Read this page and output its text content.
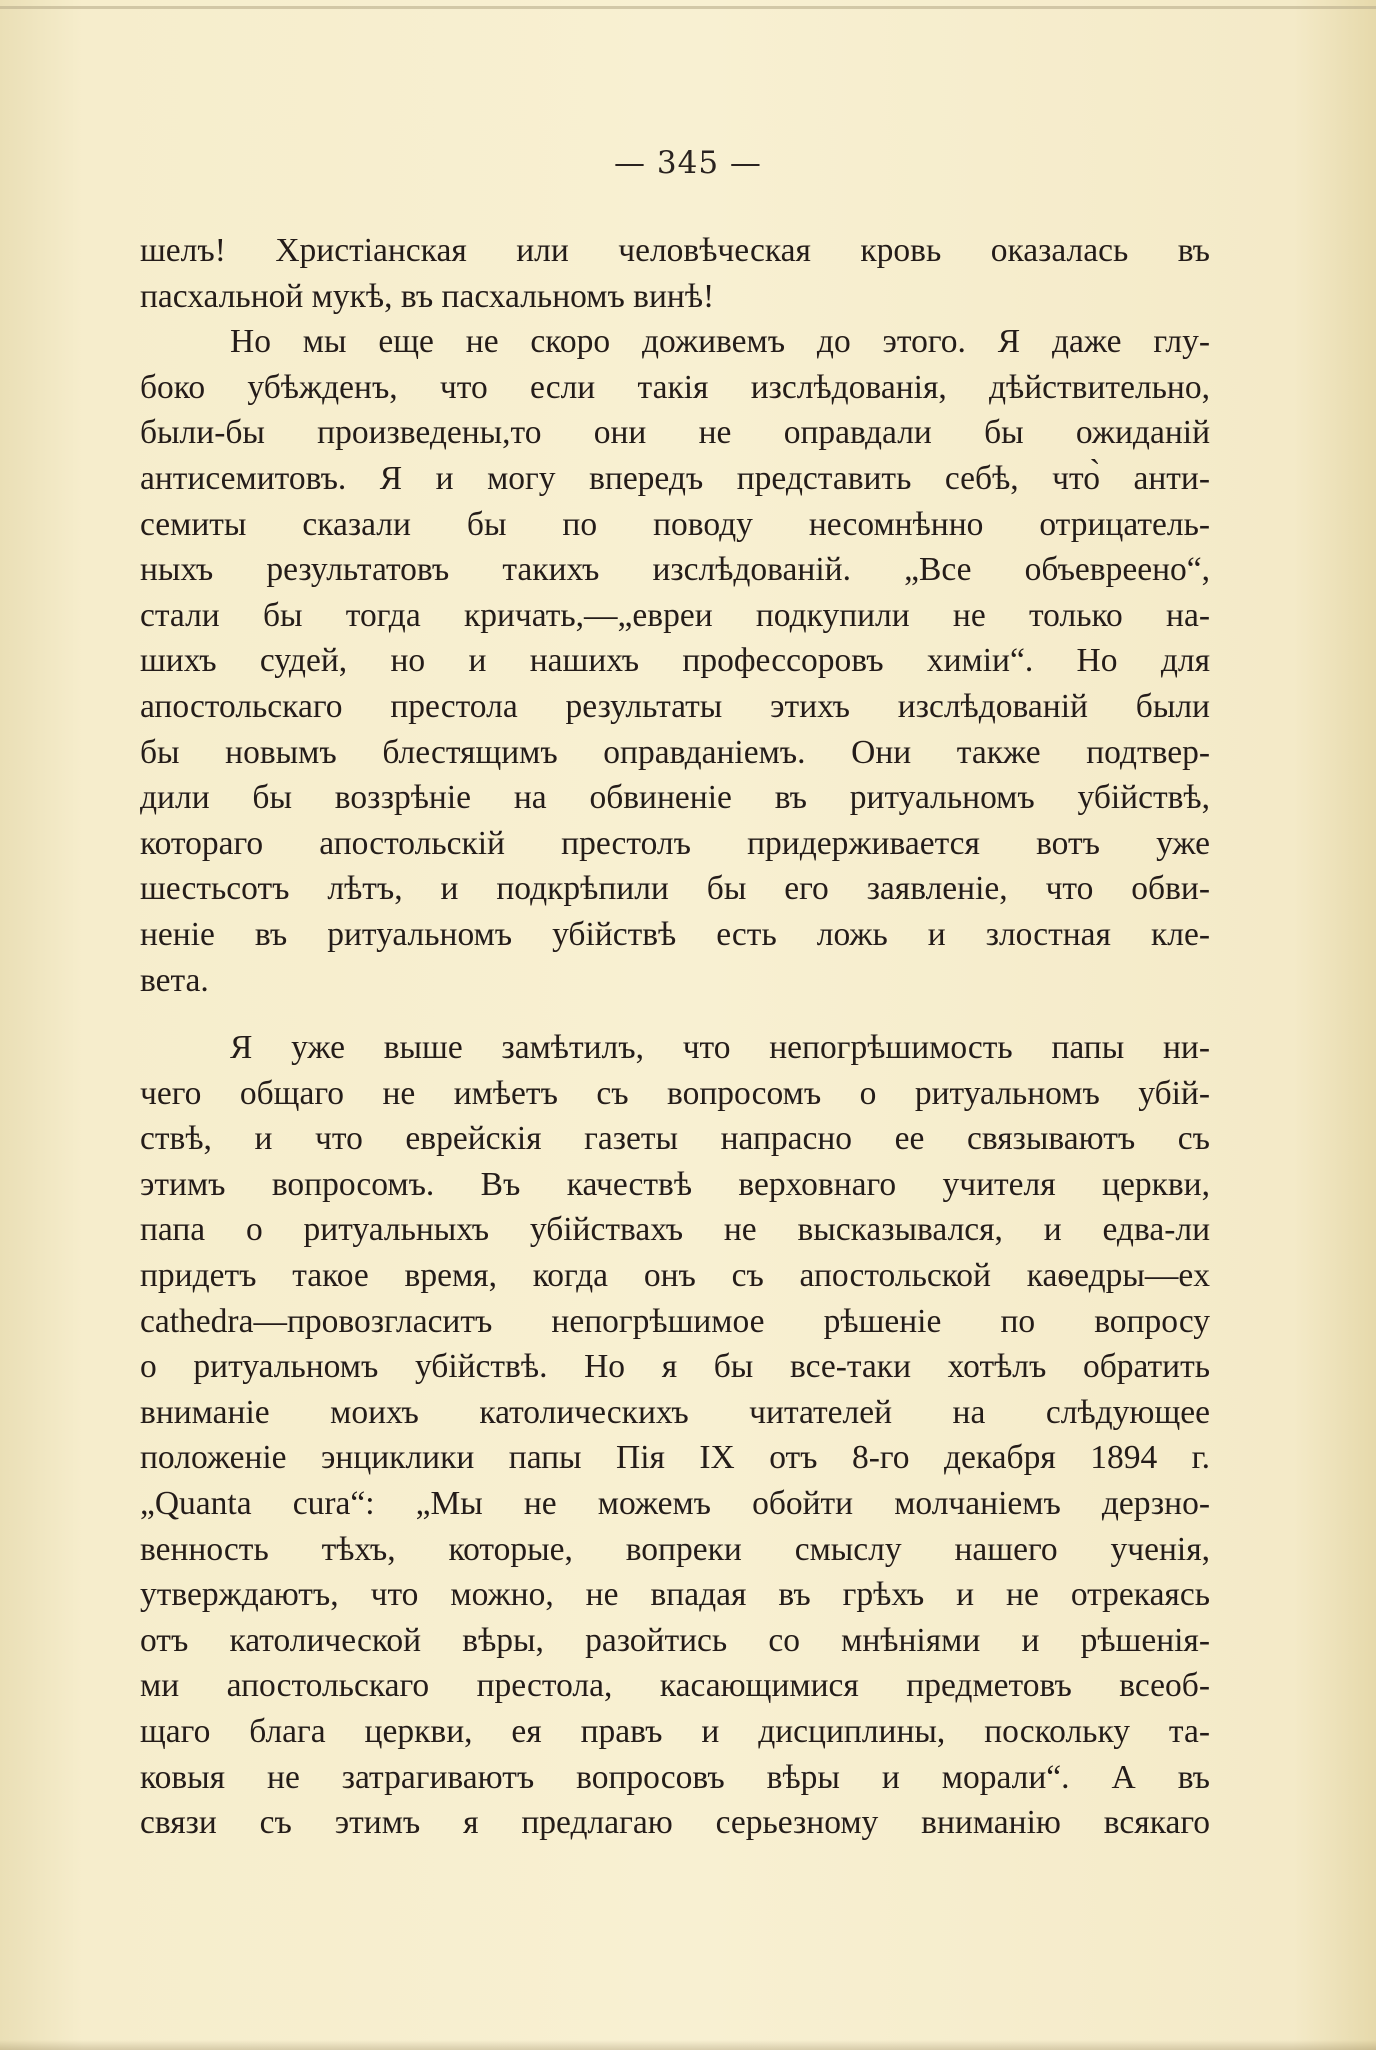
— 345 —
шелъ! Христіанская или человѣческая кровь оказалась въ
пасхальной мукѣ, въ пасхальномъ винѣ!
Но мы еще не скоро доживемъ до этого. Я даже глу-
боко убѣжденъ, что если такія изслѣдованія, дѣйствительно,
были-бы произведены,то они не оправдали бы ожиданій
антисемитовъ. Я и могу впередъ представить себѣ, что̀ анти-
семиты сказали бы по поводу несомнѣнно отрицатель-
ныхъ результатовъ такихъ изслѣдованій. „Все объевреено“,
стали бы тогда кричать,—„евреи подкупили не только на-
шихъ судей, но и нашихъ профессоровъ химіи“. Но для
апостольскаго престола результаты этихъ изслѣдованій были
бы новымъ блестящимъ оправданіемъ. Они также подтвер-
дили бы воззрѣніе на обвиненіе въ ритуальномъ убійствѣ,
котораго апостольскій престолъ придерживается вотъ уже
шестьсотъ лѣтъ, и подкрѣпили бы его заявленіе, что обви-
неніе въ ритуальномъ убійствѣ есть ложь и злостная кле-
вета.
Я уже выше замѣтилъ, что непогрѣшимость папы ни-
чего общаго не имѣетъ съ вопросомъ о ритуальномъ убій-
ствѣ, и что еврейскія газеты напрасно ее связываютъ съ
этимъ вопросомъ. Въ качествѣ верховнаго учителя церкви,
папа о ритуальныхъ убійствахъ не высказывался, и едва-ли
придетъ такое время, когда онъ съ апостольской каѳедры—ex
cathedra—провозгласитъ непогрѣшимое рѣшеніе по вопросу
о ритуальномъ убійствѣ. Но я бы все-таки хотѣлъ обратить
вниманіе моихъ католическихъ читателей на слѣдующее
положеніе энциклики папы Пія IX отъ 8-го декабря 1894 г.
„Quanta cura“: „Мы не можемъ обойти молчаніемъ дерзно-
венность тѣхъ, которые, вопреки смыслу нашего ученія,
утверждаютъ, что можно, не впадая въ грѣхъ и не отрекаясь
отъ католической вѣры, разойтись со мнѣніями и рѣшенія-
ми апостольскаго престола, касающимися предметовъ всеоб-
щаго блага церкви, ея правъ и дисциплины, поскольку та-
ковыя не затрагиваютъ вопросовъ вѣры и морали“. А въ
связи съ этимъ я предлагаю серьезному вниманію всякаго
